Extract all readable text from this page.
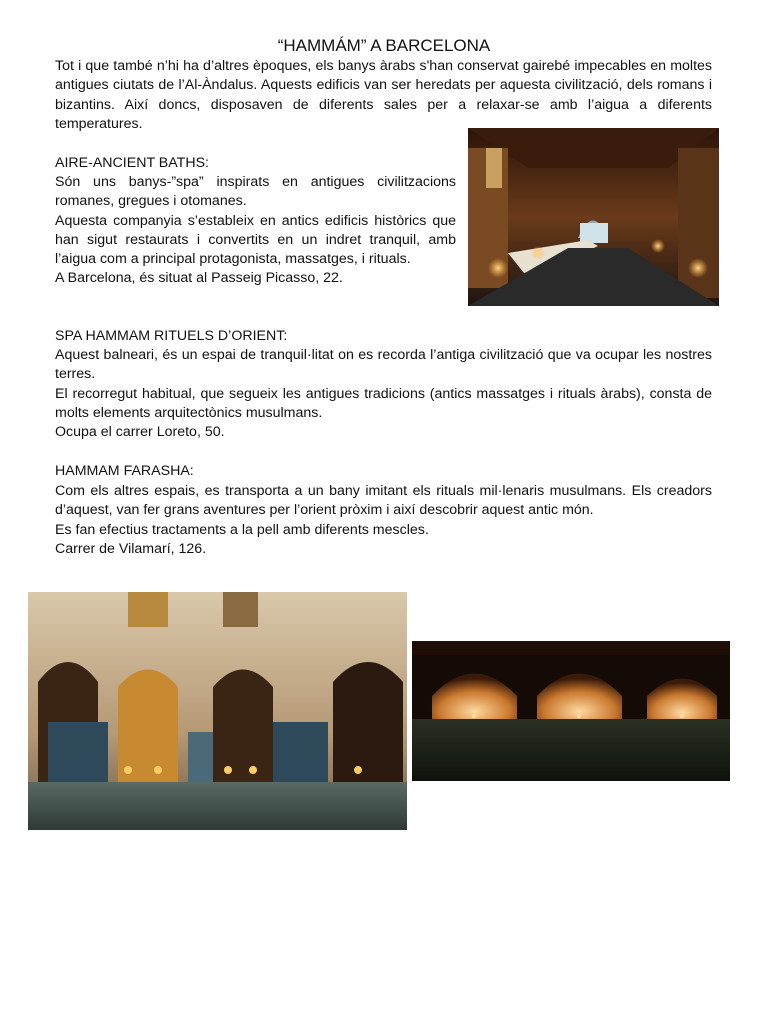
“HAMMÁM” A BARCELONA

Tot i que també n’hi ha d’altres èpoques, els banys àrabs s'han conservat gairebé impecables en moltes antigues ciutats de l’Al-Àndalus. Aquests edificis van ser heredats per aquesta civilització, dels romans i bizantins. Així doncs, disposaven de diferents sales per a relaxar-se amb l’aigua a diferents temperatures.

AIRE-ANCIENT BATHS:

Són uns banys-”spa” inspirats en antigues civilitzacions romanes, gregues i otomanes.

Aquesta companyia s’estableix en antics edificis històrics que han sigut restaurats i convertits en un indret tranquil, amb l’aigua com a principal protagonista, massatges, i rituals.

A Barcelona, és situat al Passeig Picasso, 22.

SPA HAMMAM RITUELS D’ORIENT:

Aquest balneari, és un espai de tranquil·litat on es recorda l’antiga civilització que va ocupar les nostres terres.

El recorregut habitual, que segueix les antigues tradicions (antics massatges i rituals àrabs), consta de molts elements arquitectònics musulmans.

Ocupa el carrer Loreto, 50.

HAMMAM FARASHA:

Com els altres espais, es transporta a un bany imitant els rituals mil·lenaris musulmans. Els creadors d’aquest, van fer grans aventures per l’orient pròxim i així descobrir aquest antic món.

Es fan efectius tractaments a la pell amb diferents mescles.

Carrer de Vilamarí, 126.
